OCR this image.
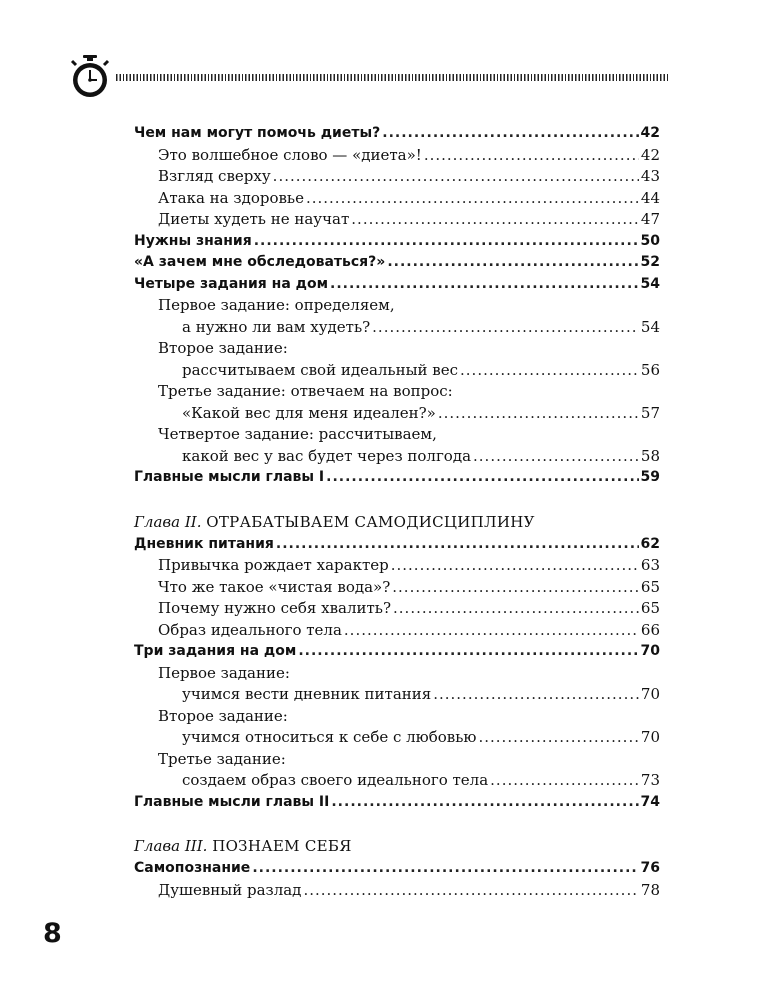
Чем нам могут помочь диеты? .....	42
Это волшебное слово — «диета»! .....	42
Взгляд сверху .....	43
Атака на здоровье .....	44
Диеты худеть не научат .....	47
Нужны знания .....	50
«А зачем мне обследоваться?» .....	52
Четыре задания на дом .....	54
Первое задание: определяем,
а нужно ли вам худеть? .....	54
Второе задание:
рассчитываем свой идеальный вес .....	56
Третье задание: отвечаем на вопрос:
«Какой вес для меня идеален?» .....	57
Четвертое задание: рассчитываем,
какой вес у вас будет через полгода .....	58
Главные мысли главы I .....	59
Глава II. ОТРАБАТЫВАЕМ САМОДИСЦИПЛИНУ
Дневник питания .....	62
Привычка рождает характер .....	63
Что же такое «чистая вода»? .....	65
Почему нужно себя хвалить? .....	65
Образ идеального тела .....	66
Три задания на дом .....	70
Первое задание:
учимся вести дневник питания .....	70
Второе задание:
учимся относиться к себе с любовью .....	70
Третье задание:
создаем образ своего идеального тела .....	73
Главные мысли главы II .....	74
Глава III. ПОЗНАЕМ СЕБЯ
Самопознание .....	76
Душевный разлад .....	78
8
